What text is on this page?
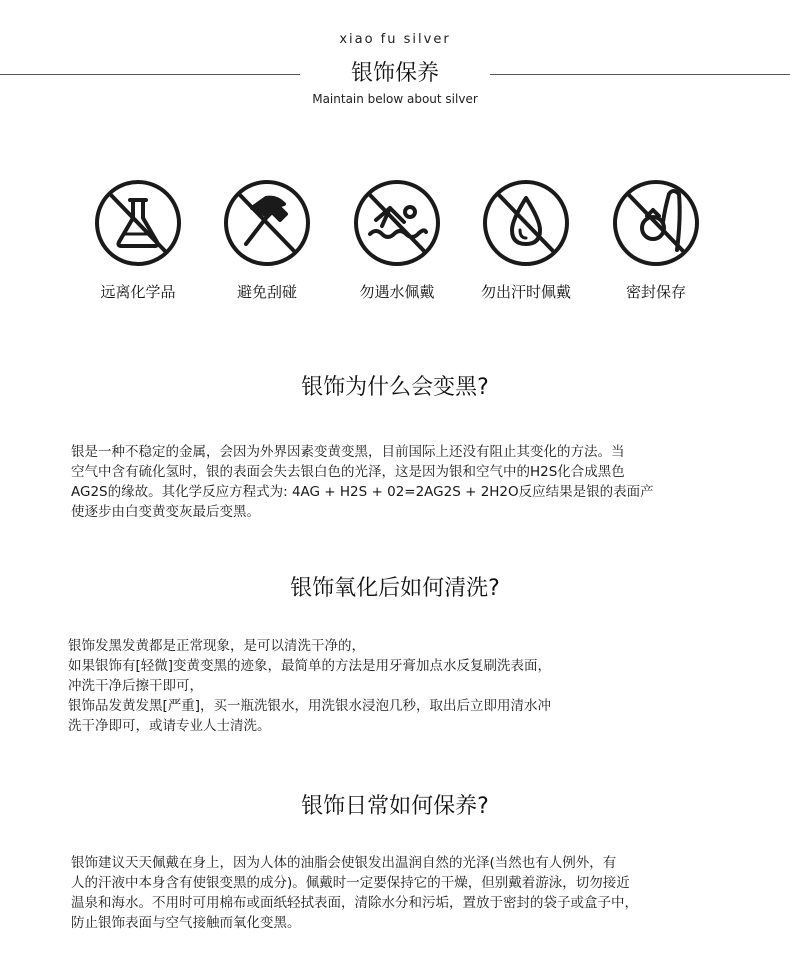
xiao fu silver
银饰保养
Maintain below about silver
远离化学品	避免刮碰	勿遇水佩戴	勿出汗时佩戴	密封保存
银饰为什么会变黑?
银是一种不稳定的金属，会因为外界因素变黄变黑，目前国际上还没有阻止其变化的方法。当
空气中含有硫化氢时，银的表面会失去银白色的光泽，这是因为银和空气中的H2S化合成黑色
AG2S的缘故。其化学反应方程式为: 4AG + H2S + 02=2AG2S + 2H2O反应结果是银的表面产
使逐步由白变黄变灰最后变黑。
银饰氧化后如何清洗?
银饰发黑发黄都是正常现象，是可以清洗干净的，
如果银饰有[轻微]变黄变黑的迹象，最简单的方法是用牙膏加点水反复刷洗表面，
冲洗干净后擦干即可，
银饰品发黄发黑[严重]，买一瓶洗银水，用洗银水浸泡几秒，取出后立即用清水冲
洗干净即可，或请专业人士清洗。
银饰日常如何保养?
银饰建议天天佩戴在身上，因为人体的油脂会使银发出温润自然的光泽(当然也有人例外，有
人的汗液中本身含有使银变黑的成分)。佩戴时一定要保持它的干燥，但别戴着游泳，切勿接近
温泉和海水。不用时可用棉布或面纸轻拭表面，清除水分和污垢，置放于密封的袋子或盒子中，
防止银饰表面与空气接触而氧化变黑。
